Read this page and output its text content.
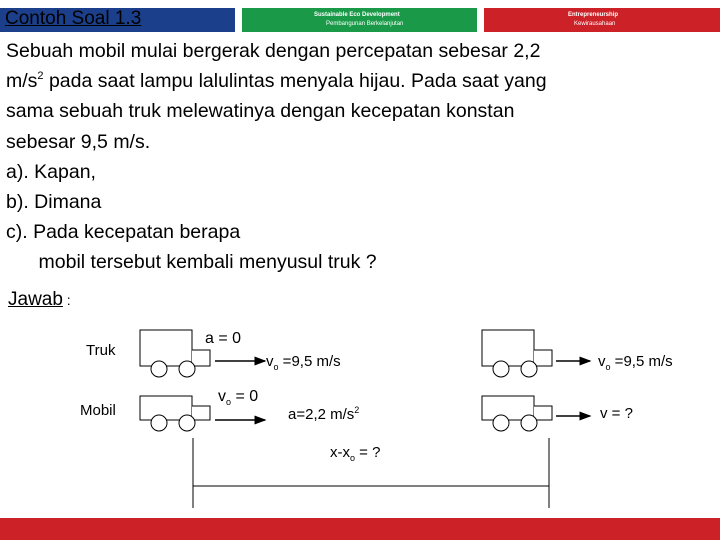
Sustainable Eco Development
Pembangunan Berkelanjutan
Entrepreneurship
Kewirausahaan
Contoh Soal 1.3
Sebuah mobil mulai bergerak dengan percepatan sebesar 2,2
$m/s^2$ pada saat lampu lalulintas menyala hijau. Pada saat yang
sama sebuah truk melewatinya dengan kecepatan konstan
sebesar 9,5 m/s.
a). Kapan,
b). Dimana
c). Pada kecepatan berapa
mobil tersebut kembali menyusul truk ?
Jawab :
Truk
Mobil
a = 0
$v_o =9,5$ m/s
$v_o = 0$
a=2,2 $m/s^2$
$x-x_o$ = ?
$v_o =9,5$ m/s
v = ?
